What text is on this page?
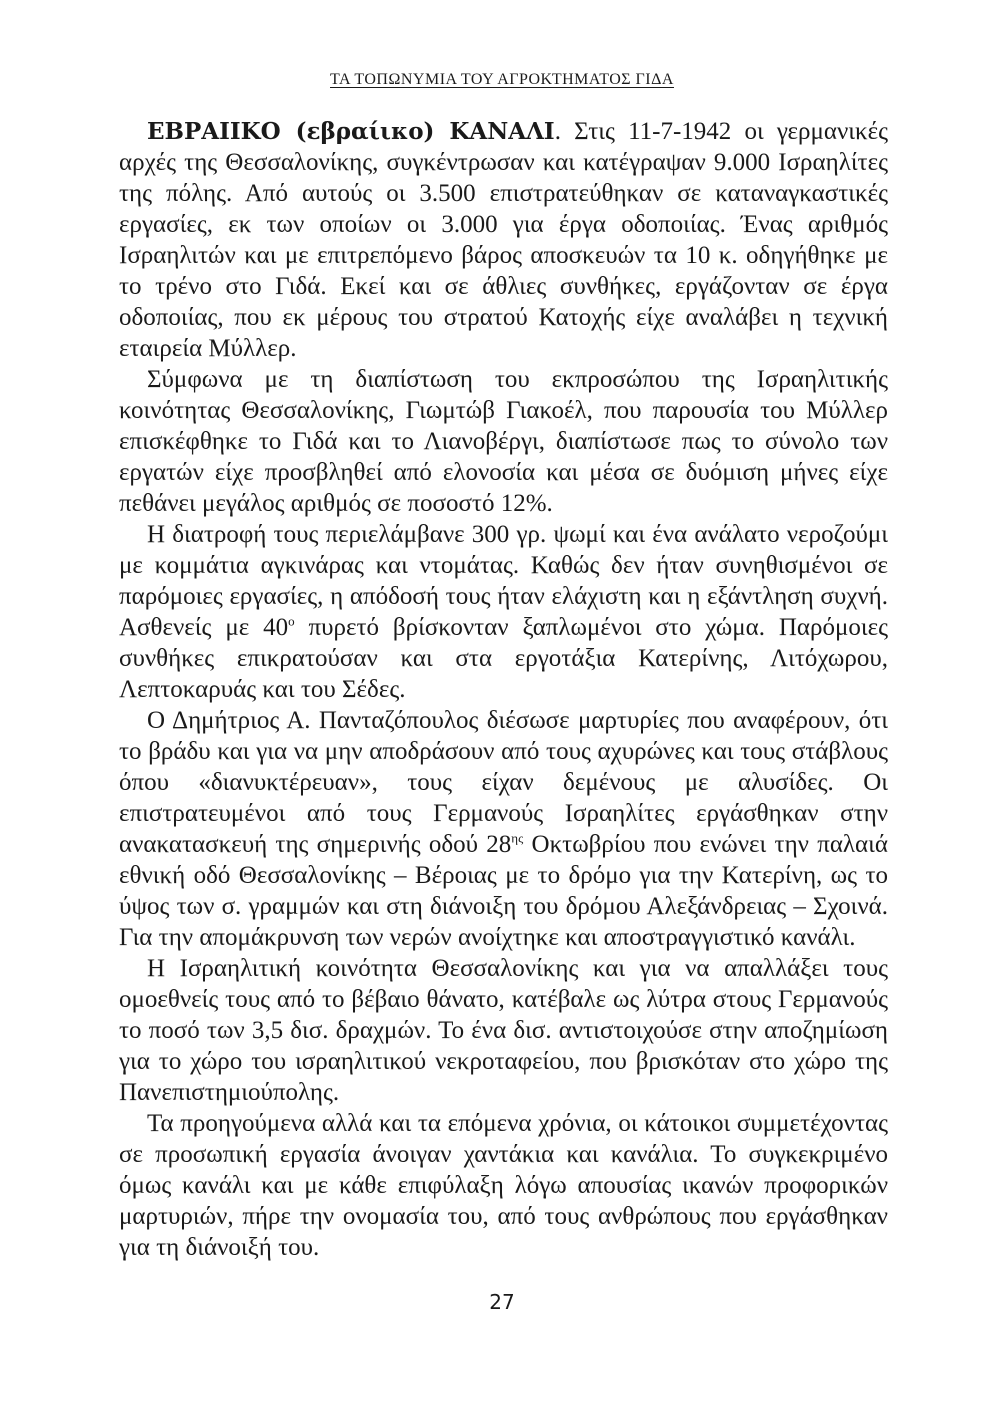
ΤΑ ΤΟΠΩΝΥΜΙΑ ΤΟΥ ΑΓΡΟΚΤΗΜΑΤΟΣ ΓΙΔΑ

ΕΒΡΑΙΙΚΟ (εβραίικο) ΚΑΝΑΛΙ. Στις 11-7-1942 οι γερμανικές αρχές της Θεσσαλονίκης, συγκέντρωσαν και κατέγραψαν 9.000 Ισραηλίτες της πόλης. Από αυτούς οι 3.500 επιστρατεύθηκαν σε καταναγκαστικές εργασίες, εκ των οποίων οι 3.000 για έργα οδοποιίας. Ένας αριθμός Ισραηλιτών και με επιτρεπόμενο βάρος αποσκευών τα 10 κ. οδηγήθηκε με το τρένο στο Γιδά. Εκεί και σε άθλιες συνθήκες, εργάζονταν σε έργα οδοποιίας, που εκ μέρους του στρατού Κατοχής είχε αναλάβει η τεχνική εταιρεία Μύλλερ.

Σύμφωνα με τη διαπίστωση του εκπροσώπου της Ισραηλιτικής κοινότητας Θεσσαλονίκης, Γιωμτώβ Γιακοέλ, που παρουσία του Μύλλερ επισκέφθηκε το Γιδά και το Λιανοβέργι, διαπίστωσε πως το σύνολο των εργατών είχε προσβληθεί από ελονοσία και μέσα σε δυόμιση μήνες είχε πεθάνει μεγάλος αριθμός σε ποσοστό 12%.

Η διατροφή τους περιελάμβανε 300 γρ. ψωμί και ένα ανάλατο νεροζούμι με κομμάτια αγκινάρας και ντομάτας. Καθώς δεν ήταν συνηθισμένοι σε παρόμοιες εργασίες, η απόδοσή τους ήταν ελάχιστη και η εξάντληση συχνή. Ασθενείς με $40^o$ πυρετό βρίσκονταν ξαπλωμένοι στο χώμα. Παρόμοιες συνθήκες επικρατούσαν και στα εργοτάξια Κατερίνης, Λιτόχωρου, Λεπτοκαρυάς και του Σέδες.

Ο Δημήτριος Α. Πανταζόπουλος διέσωσε μαρτυρίες που αναφέρουν, ότι το βράδυ και για να μην αποδράσουν από τους αχυρώνες και τους στάβλους όπου «διανυκτέρευαν», τους είχαν δεμένους με αλυσίδες. Οι επιστρατευμένοι από τους Γερμανούς Ισραηλίτες εργάσθηκαν στην ανακατασκευή της σημερινής οδού $28^{\eta\varsigma}$ Οκτωβρίου που ενώνει την παλαιά εθνική οδό Θεσσαλονίκης – Βέροιας με το δρόμο για την Κατερίνη, ως το ύψος των σ. γραμμών και στη διάνοιξη του δρόμου Αλεξάνδρειας – Σχοινά. Για την απομάκρυνση των νερών ανοίχτηκε και αποστραγγιστικό κανάλι.

Η Ισραηλιτική κοινότητα Θεσσαλονίκης και για να απαλλάξει τους ομοεθνείς τους από το βέβαιο θάνατο, κατέβαλε ως λύτρα στους Γερμανούς το ποσό των 3,5 δισ. δραχμών. Το ένα δισ. αντιστοιχούσε στην αποζημίωση για το χώρο του ισραηλιτικού νεκροταφείου, που βρισκόταν στο χώρο της Πανεπιστημιούπολης.

Τα προηγούμενα αλλά και τα επόμενα χρόνια, οι κάτοικοι συμμετέχοντας σε προσωπική εργασία άνοιγαν χαντάκια και κανάλια. Το συγκεκριμένο όμως κανάλι και με κάθε επιφύλαξη λόγω απουσίας ικανών προφορικών μαρτυριών, πήρε την ονομασία του, από τους ανθρώπους που εργάσθηκαν για τη διάνοιξή του.

27
